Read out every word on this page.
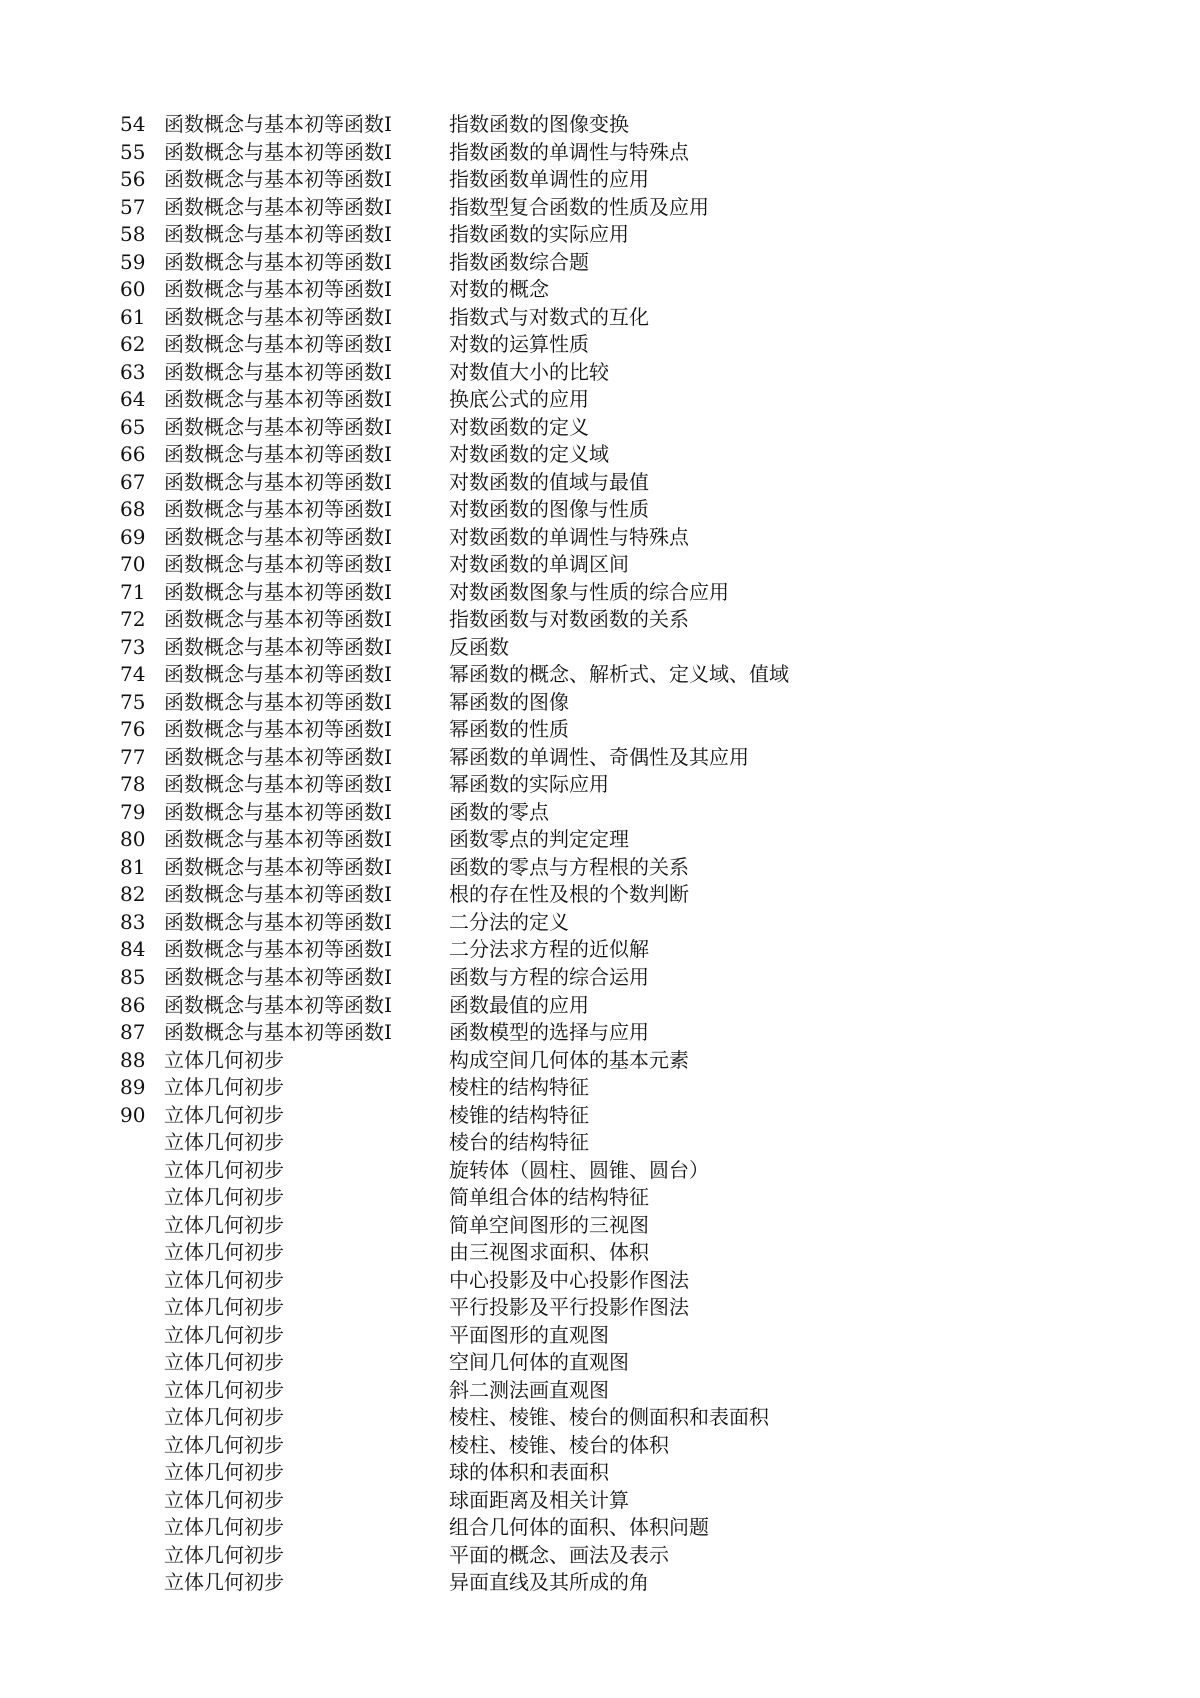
54 函数概念与基本初等函数Ⅰ	指数函数的图像变换
55 函数概念与基本初等函数Ⅰ	指数函数的单调性与特殊点
56 函数概念与基本初等函数Ⅰ	指数函数单调性的应用
57 函数概念与基本初等函数Ⅰ	指数型复合函数的性质及应用
58 函数概念与基本初等函数Ⅰ	指数函数的实际应用
59 函数概念与基本初等函数Ⅰ	指数函数综合题
60 函数概念与基本初等函数Ⅰ	对数的概念
61 函数概念与基本初等函数Ⅰ	指数式与对数式的互化
62 函数概念与基本初等函数Ⅰ	对数的运算性质
63 函数概念与基本初等函数Ⅰ	对数值大小的比较
64 函数概念与基本初等函数Ⅰ	换底公式的应用
65 函数概念与基本初等函数Ⅰ	对数函数的定义
66 函数概念与基本初等函数Ⅰ	对数函数的定义域
67 函数概念与基本初等函数Ⅰ	对数函数的值域与最值
68 函数概念与基本初等函数Ⅰ	对数函数的图像与性质
69 函数概念与基本初等函数Ⅰ	对数函数的单调性与特殊点
70 函数概念与基本初等函数Ⅰ	对数函数的单调区间
71 函数概念与基本初等函数Ⅰ	对数函数图象与性质的综合应用
72 函数概念与基本初等函数Ⅰ	指数函数与对数函数的关系
73 函数概念与基本初等函数Ⅰ	反函数
74 函数概念与基本初等函数Ⅰ	幂函数的概念、解析式、定义域、值域
75 函数概念与基本初等函数Ⅰ	幂函数的图像
76 函数概念与基本初等函数Ⅰ	幂函数的性质
77 函数概念与基本初等函数Ⅰ	幂函数的单调性、奇偶性及其应用
78 函数概念与基本初等函数Ⅰ	幂函数的实际应用
79 函数概念与基本初等函数Ⅰ	函数的零点
80 函数概念与基本初等函数Ⅰ	函数零点的判定定理
81 函数概念与基本初等函数Ⅰ	函数的零点与方程根的关系
82 函数概念与基本初等函数Ⅰ	根的存在性及根的个数判断
83 函数概念与基本初等函数Ⅰ	二分法的定义
84 函数概念与基本初等函数Ⅰ	二分法求方程的近似解
85 函数概念与基本初等函数Ⅰ	函数与方程的综合运用
86 函数概念与基本初等函数Ⅰ	函数最值的应用
87 函数概念与基本初等函数Ⅰ	函数模型的选择与应用
88 立体几何初步	构成空间几何体的基本元素
89 立体几何初步	棱柱的结构特征
90 立体几何初步	棱锥的结构特征
立体几何初步	棱台的结构特征
立体几何初步	旋转体（圆柱、圆锥、圆台）
立体几何初步	简单组合体的结构特征
立体几何初步	简单空间图形的三视图
立体几何初步	由三视图求面积、体积
立体几何初步	中心投影及中心投影作图法
立体几何初步	平行投影及平行投影作图法
立体几何初步	平面图形的直观图
立体几何初步	空间几何体的直观图
立体几何初步	斜二测法画直观图
立体几何初步	棱柱、棱锥、棱台的侧面积和表面积
立体几何初步	棱柱、棱锥、棱台的体积
立体几何初步	球的体积和表面积
立体几何初步	球面距离及相关计算
立体几何初步	组合几何体的面积、体积问题
立体几何初步	平面的概念、画法及表示
立体几何初步	异面直线及其所成的角
